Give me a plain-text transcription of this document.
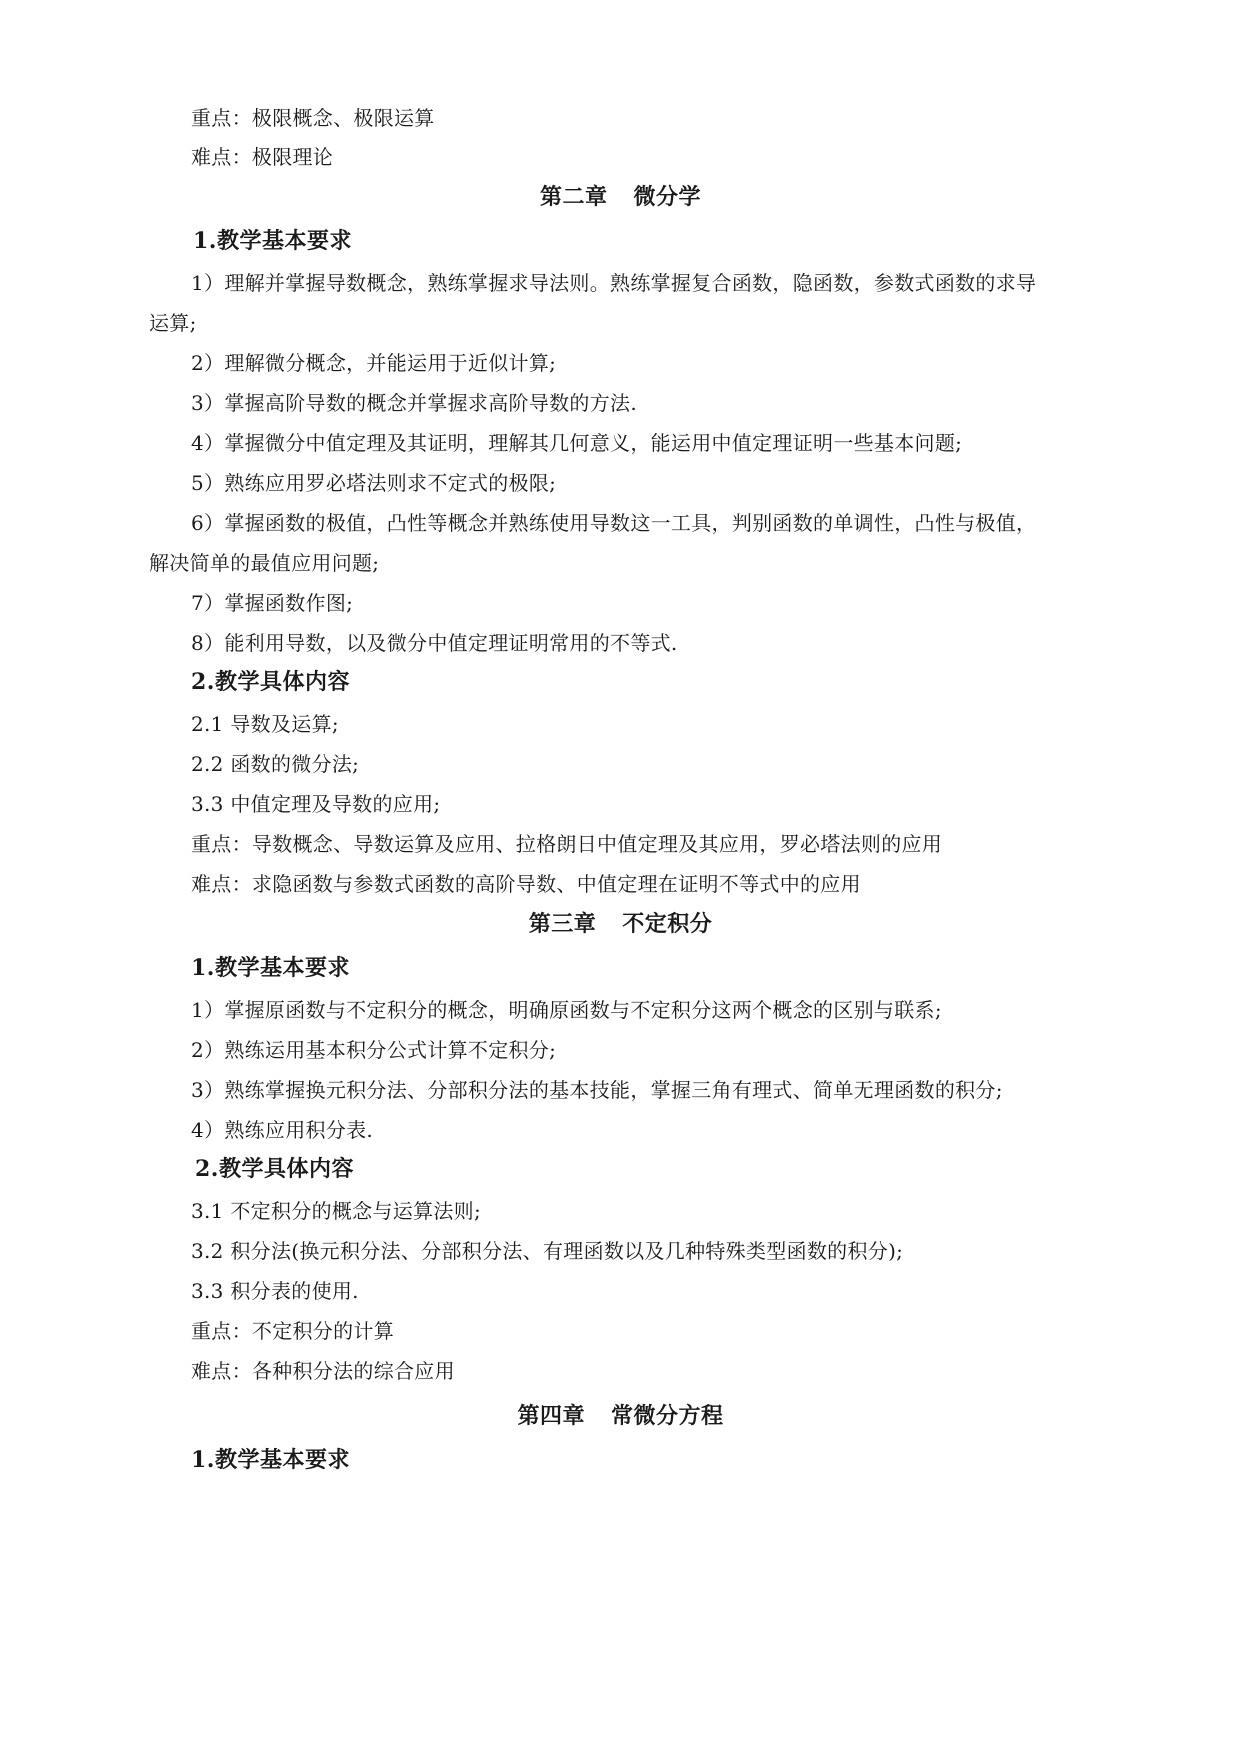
重点：极限概念、极限运算
难点：极限理论
第二章 微分学
1.教学基本要求
1）理解并掌握导数概念，熟练掌握求导法则。熟练掌握复合函数，隐函数，参数式函数的求导
运算;
2）理解微分概念，并能运用于近似计算;
3）掌握高阶导数的概念并掌握求高阶导数的方法.
4）掌握微分中值定理及其证明，理解其几何意义，能运用中值定理证明一些基本问题;
5）熟练应用罗必塔法则求不定式的极限;
6）掌握函数的极值，凸性等概念并熟练使用导数这一工具，判别函数的单调性，凸性与极值，
解决简单的最值应用问题;
7）掌握函数作图;
8）能利用导数，以及微分中值定理证明常用的不等式.
2.教学具体内容
2.1 导数及运算;
2.2 函数的微分法;
3.3 中值定理及导数的应用;
重点：导数概念、导数运算及应用、拉格朗日中值定理及其应用，罗必塔法则的应用
难点：求隐函数与参数式函数的高阶导数、中值定理在证明不等式中的应用
第三章 不定积分
1.教学基本要求
1）掌握原函数与不定积分的概念，明确原函数与不定积分这两个概念的区别与联系;
2）熟练运用基本积分公式计算不定积分;
3）熟练掌握换元积分法、分部积分法的基本技能，掌握三角有理式、简单无理函数的积分;
4）熟练应用积分表.
2.教学具体内容
3.1 不定积分的概念与运算法则;
3.2 积分法(换元积分法、分部积分法、有理函数以及几种特殊类型函数的积分);
3.3 积分表的使用.
重点：不定积分的计算
难点：各种积分法的综合应用
第四章 常微分方程
1.教学基本要求
